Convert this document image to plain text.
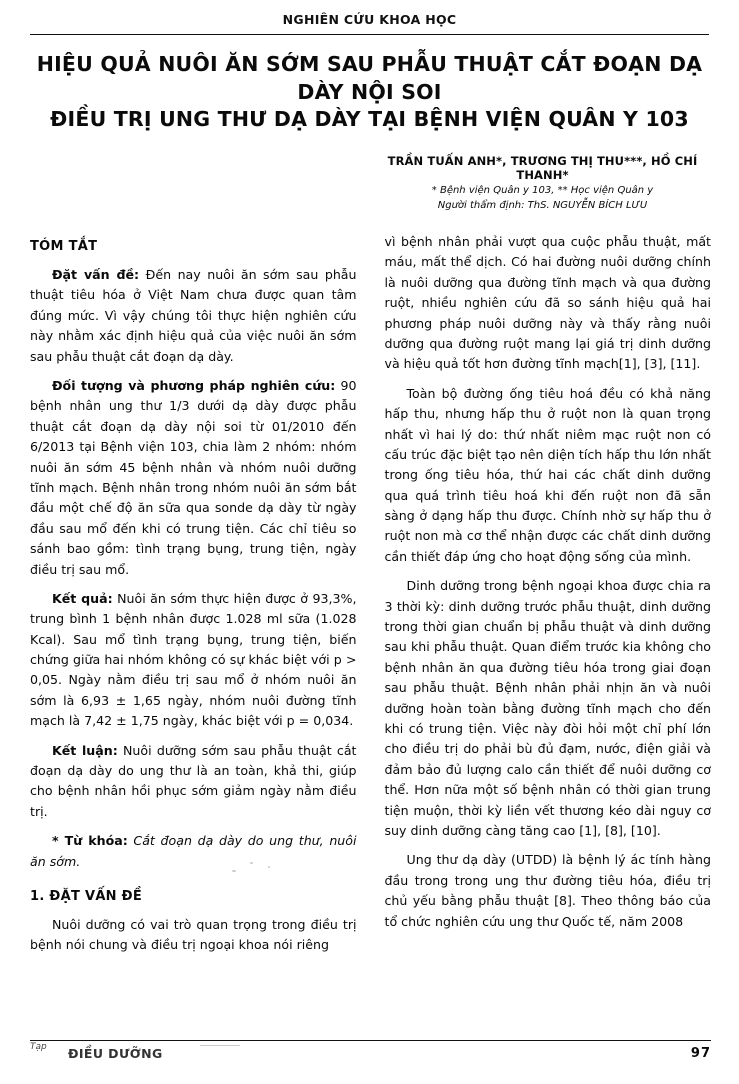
NGHIÊN CỨU KHOA HỌC
HIỆU QUẢ NUÔI ĂN SỚM SAU PHẪU THUẬT CẮT ĐOẠN DẠ DÀY NỘI SOI
ĐIỀU TRỊ UNG THƯ DẠ DÀY TẠI BỆNH VIỆN QUÂN Y 103
TRẦN TUẤN ANH*, TRƯƠNG THỊ THU***, HỒ CHÍ THANH*
* Bệnh viện Quân y 103, ** Học viện Quân y
Người thẩm định: ThS. NGUYỄN BÍCH LƯU
TÓM TẮT

Đặt vấn đề: Đến nay nuôi ăn sớm sau phẫu thuật tiêu hóa ở Việt Nam chưa được quan tâm đúng mức. Vì vậy chúng tôi thực hiện nghiên cứu này nhằm xác định hiệu quả của việc nuôi ăn sớm sau phẫu thuật cắt đoạn dạ dày.

Đối tượng và phương pháp nghiên cứu: 90 bệnh nhân ung thư 1/3 dưới dạ dày được phẫu thuật cắt đoạn dạ dày nội soi từ 01/2010 đến 6/2013 tại Bệnh viện 103, chia làm 2 nhóm: nhóm nuôi ăn sớm 45 bệnh nhân và nhóm nuôi dưỡng tĩnh mạch. Bệnh nhân trong nhóm nuôi ăn sớm bắt đầu một chế độ ăn sữa qua sonde dạ dày từ ngày đầu sau mổ đến khi có trung tiện. Các chỉ tiêu so sánh bao gồm: tình trạng bụng, trung tiện, ngày điều trị sau mổ.

Kết quả: Nuôi ăn sớm thực hiện được ở 93,3%, trung bình 1 bệnh nhân được 1.028 ml sữa (1.028 Kcal). Sau mổ tình trạng bụng, trung tiện, biến chứng giữa hai nhóm không có sự khác biệt với p > 0,05. Ngày nằm điều trị sau mổ ở nhóm nuôi ăn sớm là 6,93 ± 1,65 ngày, nhóm nuôi đường tĩnh mạch là 7,42 ± 1,75 ngày, khác biệt với p = 0,034.

Kết luận: Nuôi dưỡng sớm sau phẫu thuật cắt đoạn dạ dày do ung thư là an toàn, khả thi, giúp cho bệnh nhân hồi phục sớm giảm ngày nằm điều trị.

* Từ khóa: Cắt đoạn dạ dày do ung thư, nuôi ăn sớm.

1. ĐẶT VẤN ĐỀ

Nuôi dưỡng có vai trò quan trọng trong điều trị bệnh nói chung và điều trị ngoại khoa nói riêng

vì bệnh nhân phải vượt qua cuộc phẫu thuật, mất máu, mất thể dịch. Có hai đường nuôi dưỡng chính là nuôi dưỡng qua đường tĩnh mạch và qua đường ruột, nhiều nghiên cứu đã so sánh hiệu quả hai phương pháp nuôi dưỡng này và thấy rằng nuôi dưỡng qua đường ruột mang lại giá trị dinh dưỡng và hiệu quả tốt hơn đường tĩnh mạch[1], [3], [11].

Toàn bộ đường ống tiêu hoá đều có khả năng hấp thu, nhưng hấp thu ở ruột non là quan trọng nhất vì hai lý do: thứ nhất niêm mạc ruột non có cấu trúc đặc biệt tạo nên diện tích hấp thu lớn nhất trong ống tiêu hóa, thứ hai các chất dinh dưỡng qua quá trình tiêu hoá khi đến ruột non đã sẵn sàng ở dạng hấp thu được. Chính nhờ sự hấp thu ở ruột non mà cơ thể nhận được các chất dinh dưỡng cần thiết đáp ứng cho hoạt động sống của mình.

Dinh dưỡng trong bệnh ngoại khoa được chia ra 3 thời kỳ: dinh dưỡng trước phẫu thuật, dinh dưỡng trong thời gian chuẩn bị phẫu thuật và dinh dưỡng sau khi phẫu thuật. Quan điểm trước kia không cho bệnh nhân ăn qua đường tiêu hóa trong giai đoạn sau phẫu thuật. Bệnh nhân phải nhịn ăn và nuôi dưỡng hoàn toàn bằng đường tĩnh mạch cho đến khi có trung tiện. Việc này đòi hỏi một chỉ phí lớn cho điều trị do phải bù đủ đạm, nước, điện giải và đảm bảo đủ lượng calo cần thiết để nuôi dưỡng cơ thể. Hơn nữa một số bệnh nhân có thời gian trung tiện muộn, thời kỳ liền vết thương kéo dài nguy cơ suy dinh dưỡng càng tăng cao [1], [8], [10].

Ung thư dạ dày (UTDD) là bệnh lý ác tính hàng đầu trong trong ung thư đường tiêu hóa, điều trị chủ yếu bằng phẫu thuật [8]. Theo thông báo của tổ chức nghiên cứu ung thư Quốc tế, năm 2008

Tạp	ĐIỀU DƯỠNG	97
